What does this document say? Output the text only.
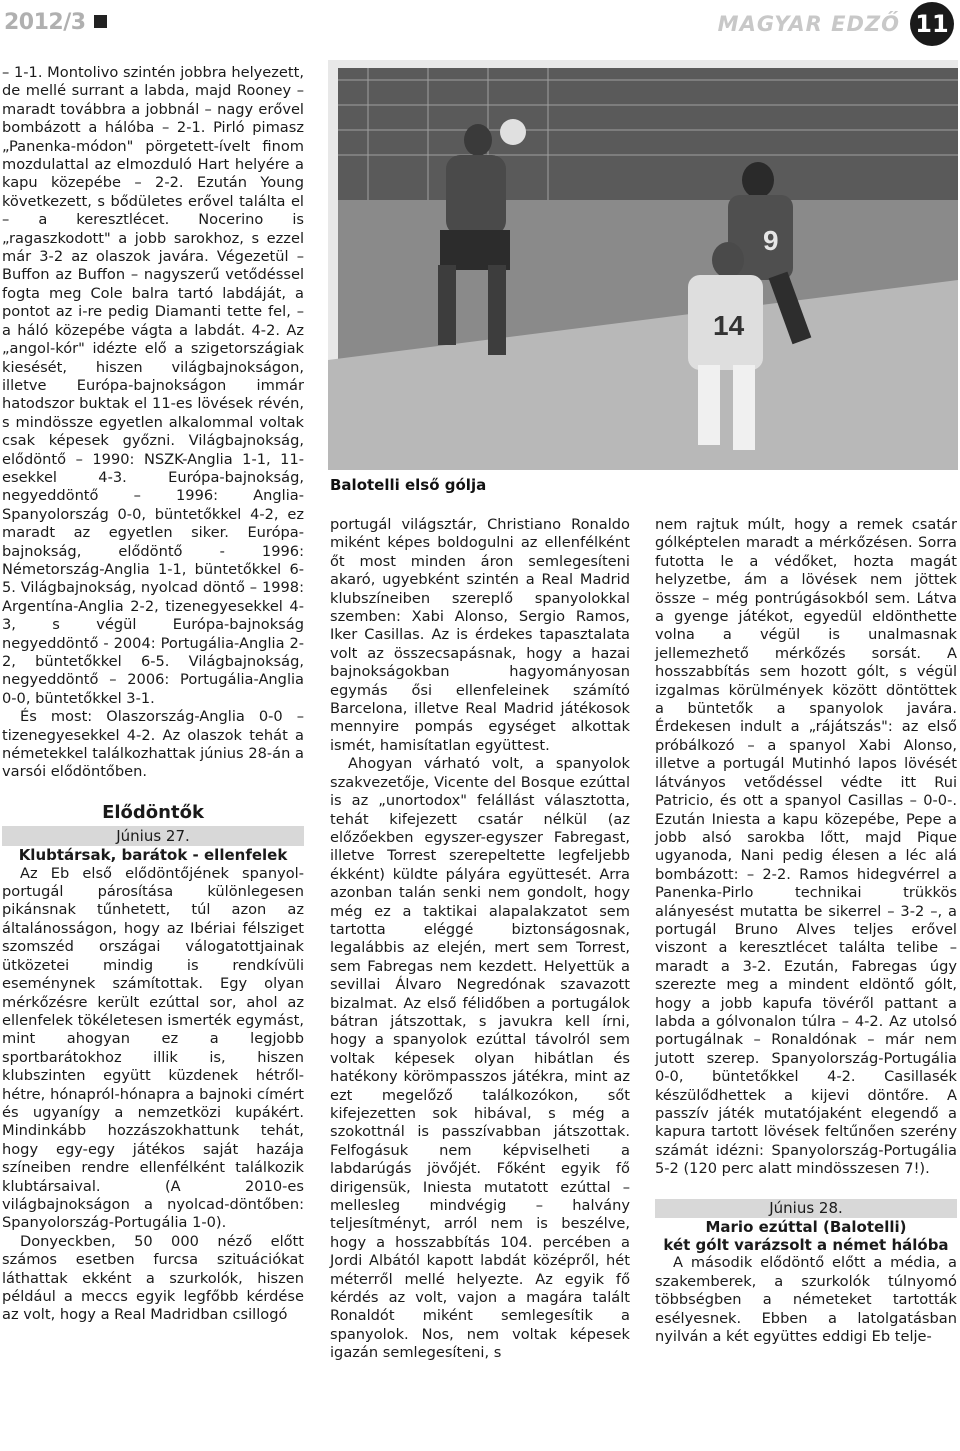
2012/3	MAGYAR EDZŐ 11

– 1-1. Montolivo szintén jobbra helyezett, de mellé surrant a labda, majd Rooney – maradt továbbra a jobbnál – nagy erővel bombázott a hálóba – 2-1. Pirló pimasz „Panenka-módon" pörgetett-ívelt finom mozdulattal az elmozduló Hart helyére a kapu közepébe – 2-2. Ezután Young következett, s bődületes erővel találta el – a keresztlécet. Nocerino is „ragaszkodott" a jobb sarokhoz, s ezzel már 3-2 az olaszok javára. Végezetül – Buffon az Buffon – nagyszerű vetődéssel fogta meg Cole balra tartó labdáját, a pontot az i-re pedig Diamanti tette fel, – a háló közepébe vágta a labdát. 4-2. Az „angol-kór" idézte elő a szigetországiak kiesését, hiszen világbajnokságon, illetve Európa-bajnokságon immár hatodszor buktak el 11-es lövések révén, s mindösszе egyetlen alkalommal voltak csak képesek győzni. Világbajnokság, elődöntő – 1990: NSZK-Anglia 1-1, 11-esekkel 4-3. Európa-bajnokság, negyeddöntő – 1996: Anglia-Spanyolország 0-0, büntetőkkel 4-2, ez maradt az egyetlen siker. Európa-bajnokság, elődöntő - 1996: Németország-Anglia 1-1, büntetőkkel 6-5. Világbajnokság, nyolcad döntő – 1998: Argentína-Anglia 2-2, tizenegyesekkel 4-3, s végül Európa-bajnokság negyeddöntő - 2004: Portugália-Anglia 2-2, büntetőkkel 6-5. Világbajnokság, negyeddöntő – 2006: Portugália-Anglia 0-0, büntetőkkel 3-1.

És most: Olaszország-Anglia 0-0 – tizenegyesekkel 4-2. Az olaszok tehát a németekkel találkozhattak június 28-án a varsói elődöntőben.

Elődöntők
Június 27.
Klubtársak, barátok - ellenfelek

Az Eb első elődöntőjének spanyol-portugál párosítása különlegesen pikánsnak tűnhetett, túl azon az általánosságon, hogy az Ibériai félsziget szomszéd országai válogatottjainak ütközetei mindig is rendkívüli eseménynek számítottak. Egy olyan mérkőzésre került ezúttal sor, ahol az ellenfelek tökéletesen ismerték egymást, mint ahogyan ez a legjobb sportbarátokhoz illik is, hiszen klubszinten együtt küzdenek hétről-hétre, hónapról-hónapra a bajnoki címért és ugyanígy a nemzetközi kupákért. Mindinkább hozzászokhattunk tehát, hogy egy-egy játékos saját hazája színeiben rendre ellenfélként találkozik klubtársaival. (A 2010-es világbajnokságon a nyolcad-döntőben: Spanyolország-Portugália 1-0).

Donyeckben, 50 000 néző előtt számos esetben furcsa szituációkat láthattak ekként a szurkolók, hiszen például a meccs egyik legfőbb kérdése az volt, hogy a Real Madridban csillogó

9
14
Balotelli első gólja

portugál világsztár, Christiano Ronaldo miként képes boldogulni az ellenfélként őt most minden áron semlegesíteni akaró, ugyebként szintén a Real Madrid klubszíneiben szereplő spanyolokkal szemben: Xabi Alonso, Sergio Ramos, Iker Casillas. Az is érdekes tapasztalata volt az összecsapásnak, hogy a hazai bajnokságokban hagyományosan egymás ősi ellenfeleinek számító Barcelona, illetve Real Madrid játékosok mennyire pompás egységet alkottak ismét, hamisítatlan együttest.

Ahogyan várható volt, a spanyolok szakvezetője, Vicente del Bosque ezúttal is az „unortodox" felállást választotta, tehát kifejezett csatár nélkül (az előzőekben egyszer-egyszer Fabregast, illetve Torrest szerepeltette legfeljebb ékként) küldte pályára együttesét. Arra azonban talán senki nem gondolt, hogy még ez a taktikai alapalakzatot sem tartotta eléggé biztonságosnak, legalábbis az elején, mert sem Torrest, sem Fabregas nem kezdett. Helyettük a sevillai Álvaro Negredónak szavazott bizalmat. Az első félidőben a portugálok bátran játszottak, s javukra kell írni, hogy a spanyolok ezúttal távolról sem voltak képesek olyan hibátlan és hatékony körömpasszos játékra, mint az ezt megelőző találkozókon, sőt kifejezetten sok hibával, s még a szokottnál is passzívabban játszottak. Felfogásuk nem képviselheti a labdarúgás jövőjét. Főként egyik fő dirigensük, Iniesta mutatott ezúttal – mellesleg mindvégig – halvány teljesítményt, arról nem is beszélve, hogy a hosszabbítás 104. percében a Jordi Albától kapott labdát középről, hét méterről mellé helyezte. Az egyik fő kérdés az volt, vajon a magára talált Ronaldót miként semlegesítik a spanyolok. Nos, nem voltak képesek igazán semlegesíteni, s

nem rajtuk múlt, hogy a remek csatár gólképtelen maradt a mérkőzésen. Sorra futotta le a védőket, hozta magát helyzetbe, ám a lövések nem jöttek össze – még pontrúgásokból sem. Látva a gyenge játékot, egyedül eldönthette volna a végül is unalmasnak jellemezhető mérkőzés sorsát. A hosszabbítás sem hozott gólt, s végül izgalmas körülmények között döntöttek a büntetők a spanyolok javára. Érdekesen indult a „rájátszás": az első próbálkozó – a spanyol Xabi Alonso, illetve a portugál Mutinhó lapos lövését látványos vetődéssel védte itt Rui Patricio, és ott a spanyol Casillas – 0-0-. Ezután Iniesta a kapu közepébe, Pepe a jobb alsó sarokba lőtt, majd Pique ugyanoda, Nani pedig élesen a léc alá bombázott: – 2-2. Ramos hidegvérrel a Panenka-Pirlo technikai trükkös alányesést mutatta be sikerrel – 3-2 –, a portugál Bruno Alves teljes erővel viszont a keresztlécet találta telibe – maradt a 3-2. Ezután, Fabregas úgy szerezte meg a mindent eldöntő gólt, hogy a jobb kapufa tövéről pattant a labda a gólvonalon túlra – 4-2. Az utolsó portugálnak – Ronaldónak – már nem jutott szerep. Spanyolország-Portugália 0-0, büntetőkkel 4-2. Casillasék készülődhettek a kijevi döntőre. A passzív játék mutatójaként elegendő a kapura tartott lövések feltűnően szerény számát idézni: Spanyolország-Portugália 5-2 (120 perc alatt mindösszesen 7!).

Június 28.
Mario ezúttal (Balotelli)
két gólt varázsolt a német hálóba

A második elődöntő előtt a média, a szakemberek, a szurkolók túlnyomó többségben a németeket tartották esélyesnek. Ebben a latolgatásban nyilván a két együttes eddigi Eb telje-
